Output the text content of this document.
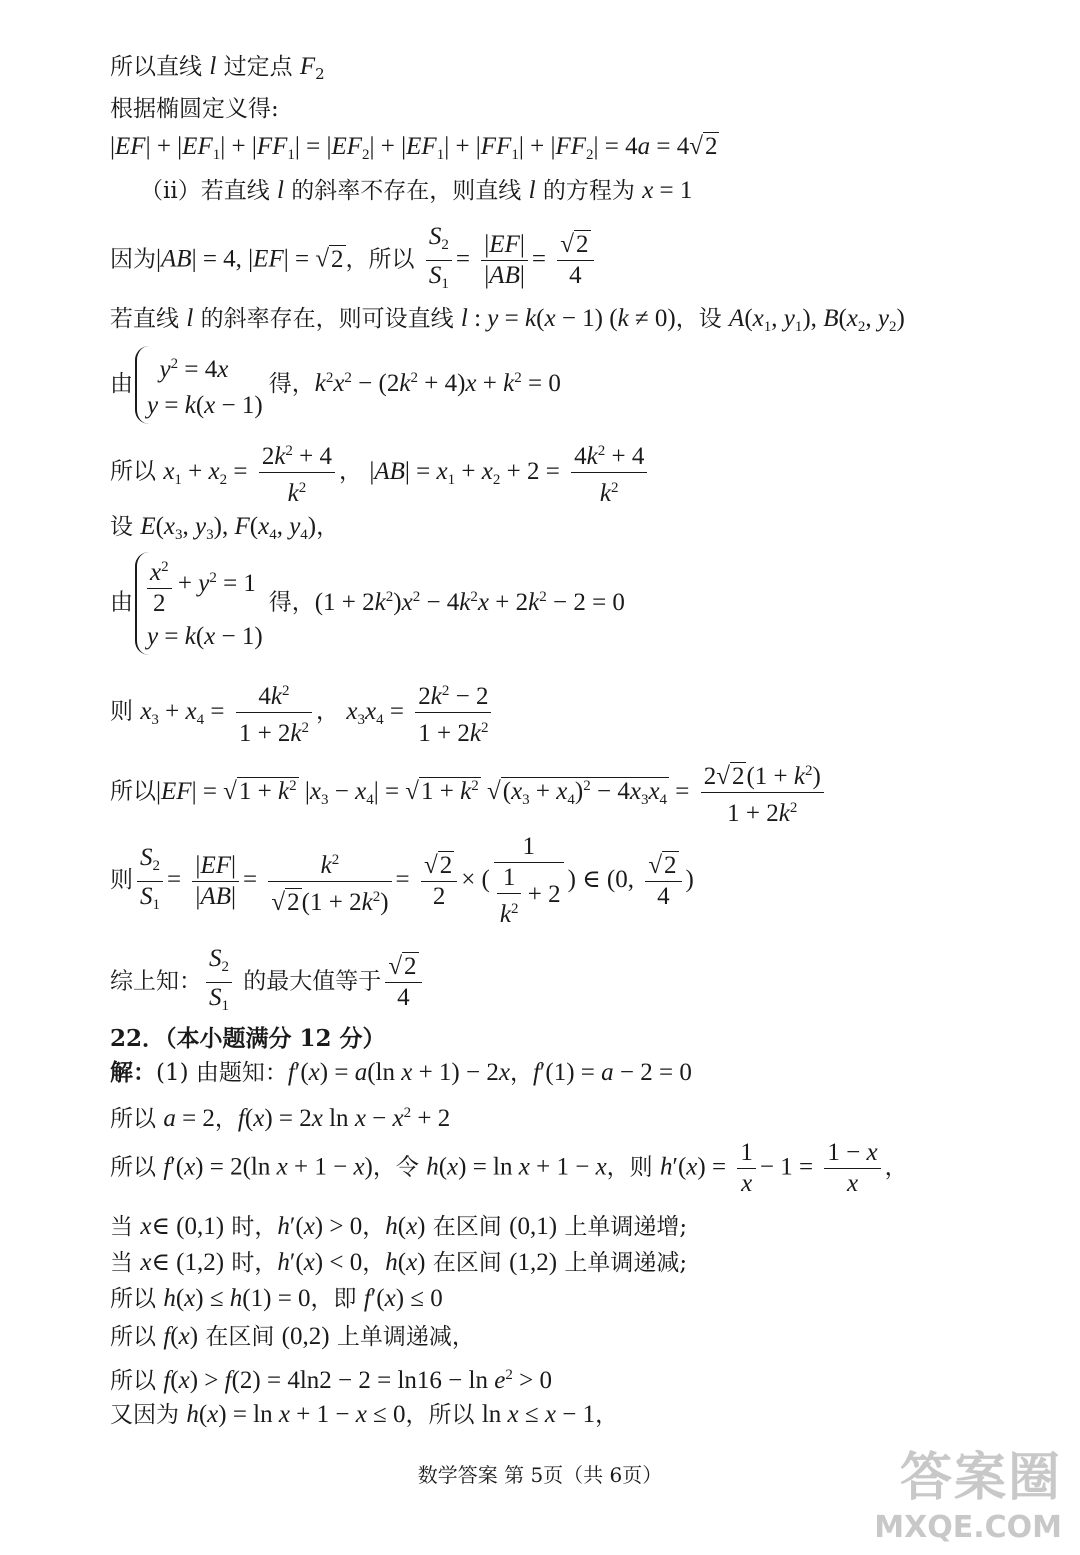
所以直线 l 过定点 $F_2$
根据椭圆定义得:
$|EF| + |EF_1| + |FF_1| = |EF_2| + |EF_1| + |FF_1| + |FF_2| = 4a = 4√2$
（ii）若直线 l 的斜率不存在，则直线 l 的方程为 x = 1
因为|AB| = 4, |EF| = √2，所以 $\frac{S_2}{S_1} = \frac{|EF|}{|AB|} = \frac{√2}{4}$
若直线 l 的斜率存在，则可设直线 l : y = k(x − 1) (k ≠ 0)，设 $A(x_1$, $y_1$), $B(x_2$, $y_2$)
由
$y^2 = 4x$
y = k(x − 1)
得，$k^2x^2 - (2k^2 + 4)x + k^2 = 0$
所以 $x_1 + x_2 = \frac{2k^2 + 4}{k^2}$ ， $|AB| = x_1 + x_2 + 2 = \frac{4k^2 + 4}{k^2}$
设 $E(x_3$, $y_3$), $F(x_4$, $y_4$)，
由 $\frac{x^2}{2} + y^2 = 1$
y = k(x − 1)
得，$(1 + 2k^2)x^2 - 4k^2x + 2k^2 - 2 = 0$
则 $x_3 + x_4 = \frac{4k^2}{1 + 2k^2}$ ， $x_3x_4 = \frac{2k^2 - 2}{1 + 2k^2}$
所以$|EF| = √1 + k^2$ $|x_3 - x_4| = √1 + k^2$ $√(x_3 + x_4)^2 - 4x_3x_4 = \frac{2√2(1 + k^2)}{1 + 2k^2}$
则 $\frac{S_2}{S_1} = \frac{|EF|}{|AB|} = \frac{k^2}{√2(1 + 2k^2)} = \frac{√2}{2}$ × ( $\frac{1}{\frac{1}{k^2} + 2}$ ) ∈ (0, $\frac{√2}{4}$ )
综上知： $\frac{S_2}{S_1}$ 的最大值等于 $\frac{√2}{4}$
22．（本小题满分 12 分）
解：(1) 由题知：f′(x) = a(ln x + 1) − 2x，f′(1) = a − 2 = 0
所以 a = 2，f(x) = 2x $\ln x - x^2 + 2$
所以 f′(x) = 2(ln x + 1 − x)，令 h(x) = ln x + 1 − x，则 $h'(x) = \frac{1}{x} - 1 = \frac{1 - x}{x}$ ，
当 x∈ (0,1) 时，h′(x) > 0，h(x) 在区间 (0,1) 上单调递增;
当 x∈ (1,2) 时，h′(x) < 0，h(x) 在区间 (1,2) 上单调递减;
所以 h(x) ≤ h(1) = 0，即 f′(x) ≤ 0
所以 f(x) 在区间 (0,2) 上单调递减，
所以 $f(x) > f(2) = 4\ln 2 - 2 = \ln 16 - \ln e^2 > 0$
又因为 h(x) = ln x + 1 − x ≤ 0，所以 ln x ≤ x − 1，
数学答案 第 5页（共 6页）	答案圈
MXQE.COM
